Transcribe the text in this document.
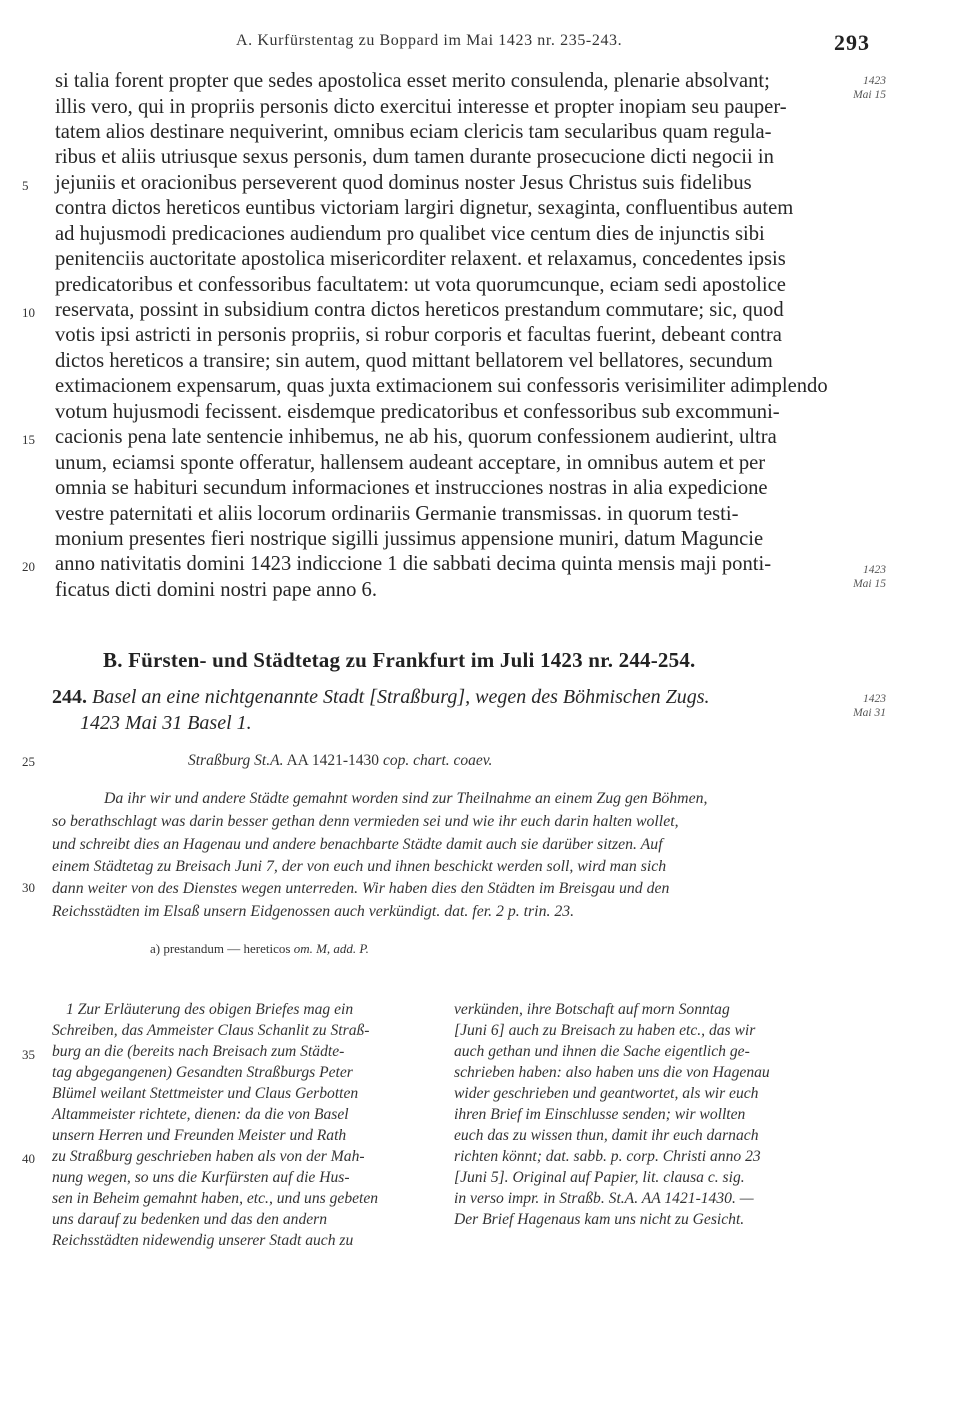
A. Kurfürstentag zu Boppard im Mai 1423 nr. 235-243.	293
si talia forent propter que sedes apostolica esset merito consulenda, plenarie absolvant;
illis vero, qui in propriis personis dicto exercitui interesse et propter inopiam seu pauper-
tatem alios destinare nequiverint, omnibus eciam clericis tam secularibus quam regula-
ribus et aliis utriusque sexus personis, dum tamen durante prosecucione dicti negocii in
jejuniis et oracionibus perseverent quod dominus noster Jesus Christus suis fidelibus
contra dictos hereticos euntibus victoriam largiri dignetur, sexaginta, confluentibus autem
ad hujusmodi predicaciones audiendum pro qualibet vice centum dies de injunctis sibi
penitenciis auctoritate apostolica misericorditer relaxent. et relaxamus, concedentes ipsis
predicatoribus et confessoribus facultatem: ut vota quorumcunque, eciam sedi apostolice
reservata, possint in subsidium contra dictos hereticos prestandum commutare; sic, quod
votis ipsi astricti in personis propriis, si robur corporis et facultas fuerint, debeant contra
dictos hereticos a transire; sin autem, quod mittant bellatorem vel bellatores, secundum
extimacionem expensarum, quas juxta extimacionem sui confessoris verisimiliter adimplendo
votum hujusmodi fecissent. eisdemque predicatoribus et confessoribus sub excommuni-
cacionis pena late sentencie inhibemus, ne ab his, quorum confessionem audierint, ultra
unum, eciamsi sponte offeratur, hallensem audeant acceptare, in omnibus autem et per
omnia se habituri secundum informaciones et instrucciones nostras in alia expedicione
vestre paternitati et aliis locorum ordinariis Germanie transmissas. in quorum testi-
monium presentes fieri nostrique sigilli jussimus appensione muniri, datum Maguncie
anno nativitatis domini 1423 indiccione 1 die sabbati decima quinta mensis maji ponti-
ficatus dicti domini nostri pape anno 6.
5
10
15
20
25
30
35
40
1423
Mai 15
1423
Mai 15
1423
Mai 31
B. Fürsten- und Städtetag zu Frankfurt im Juli 1423 nr. 244-254.
244. Basel an eine nichtgenannte Stadt [Straßburg], wegen des Böhmischen Zugs.
1423 Mai 31 Basel 1.
Straßburg St.A. AA 1421-1430 cop. chart. coaev.
Da ihr wir und andere Städte gemahnt worden sind zur Theilnahme an einem Zug gen Böhmen,
so berathschlagt was darin besser gethan denn vermieden sei und wie ihr euch darin halten wollet,
und schreibt dies an Hagenau und andere benachbarte Städte damit auch sie darüber sitzen. Auf
einem Städtetag zu Breisach Juni 7, der von euch und ihnen beschickt werden soll, wird man sich
dann weiter von des Dienstes wegen unterreden. Wir haben dies den Städten im Breisgau und den
Reichsstädten im Elsaß unsern Eidgenossen auch verkündigt. dat. fer. 2 p. trin. 23.
a) prestandum — hereticos om. M, add. P.
1 Zur Erläuterung des obigen Briefes mag ein
Schreiben, das Ammeister Claus Schanlit zu Straß-
burg an die (bereits nach Breisach zum Städte-
tag abgegangenen) Gesandten Straßburgs Peter
Blümel weilant Stettmeister und Claus Gerbotten
Altammeister richtete, dienen: da die von Basel
unsern Herren und Freunden Meister und Rath
zu Straßburg geschrieben haben als von der Mah-
nung wegen, so uns die Kurfürsten auf die Hus-
sen in Beheim gemahnt haben, etc., und uns gebeten
uns darauf zu bedenken und das den andern
Reichsstädten nidewendig unserer Stadt auch zu
verkünden, ihre Botschaft auf morn Sonntag
[Juni 6] auch zu Breisach zu haben etc., das wir
auch gethan und ihnen die Sache eigentlich ge-
schrieben haben: also haben uns die von Hagenau
wider geschrieben und geantwortet, als wir euch
ihren Brief im Einschlusse senden; wir wollten
euch das zu wissen thun, damit ihr euch darnach
richten könnt; dat. sabb. p. corp. Christi anno 23
[Juni 5]. Original auf Papier, lit. clausa c. sig.
in verso impr. in Straßb. St.A. AA 1421-1430. —
Der Brief Hagenaus kam uns nicht zu Gesicht.
